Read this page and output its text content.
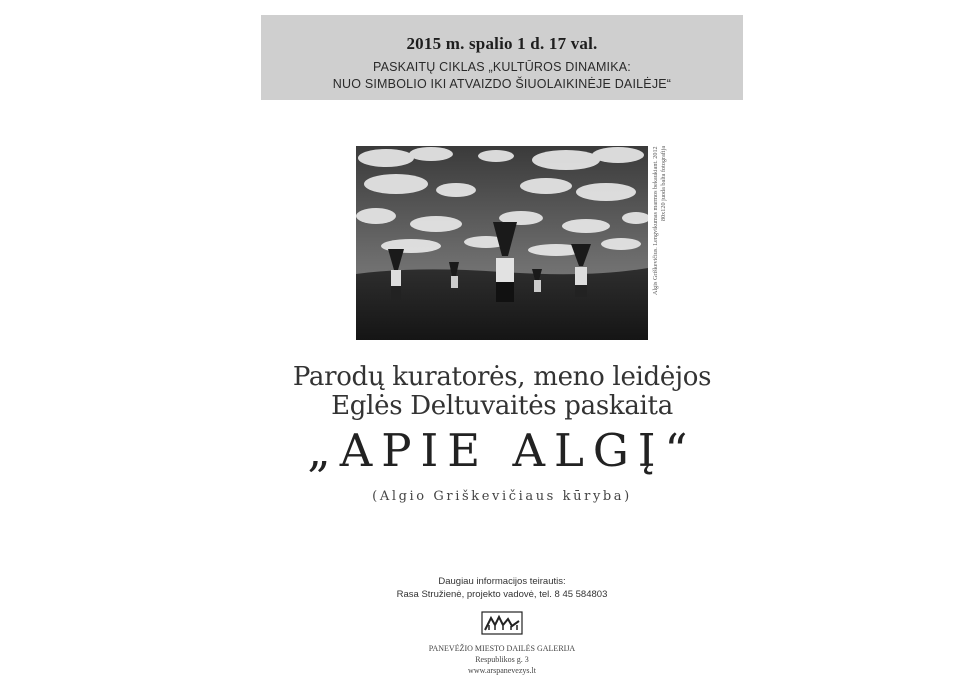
2015 m. spalio 1 d. 17 val.
PASKAITŲ CIKLAS „KULTŪROS DINAMIKA:
NUO SIMBOLIO IKI ATVAIZDO ŠIUOLAIKINĖJE DAILĖJE“
Algis Griškevičius. Lengvikumas marmos bekaukiant. 2012 80x120 juoda balta fotografija
Parodų kuratorės, meno leidėjos
Eglės Deltuvaitės paskaita
„APIE ALGĮ“
(Algio Griškevičiaus kūryba)
Daugiau informacijos teirautis:
Rasa Stružienė, projekto vadovė, tel. 8 45 584803
PANEVĖŽIO MIESTO DAILĖS GALERIJA
Respublikos g. 3
www.arspanevezys.lt
